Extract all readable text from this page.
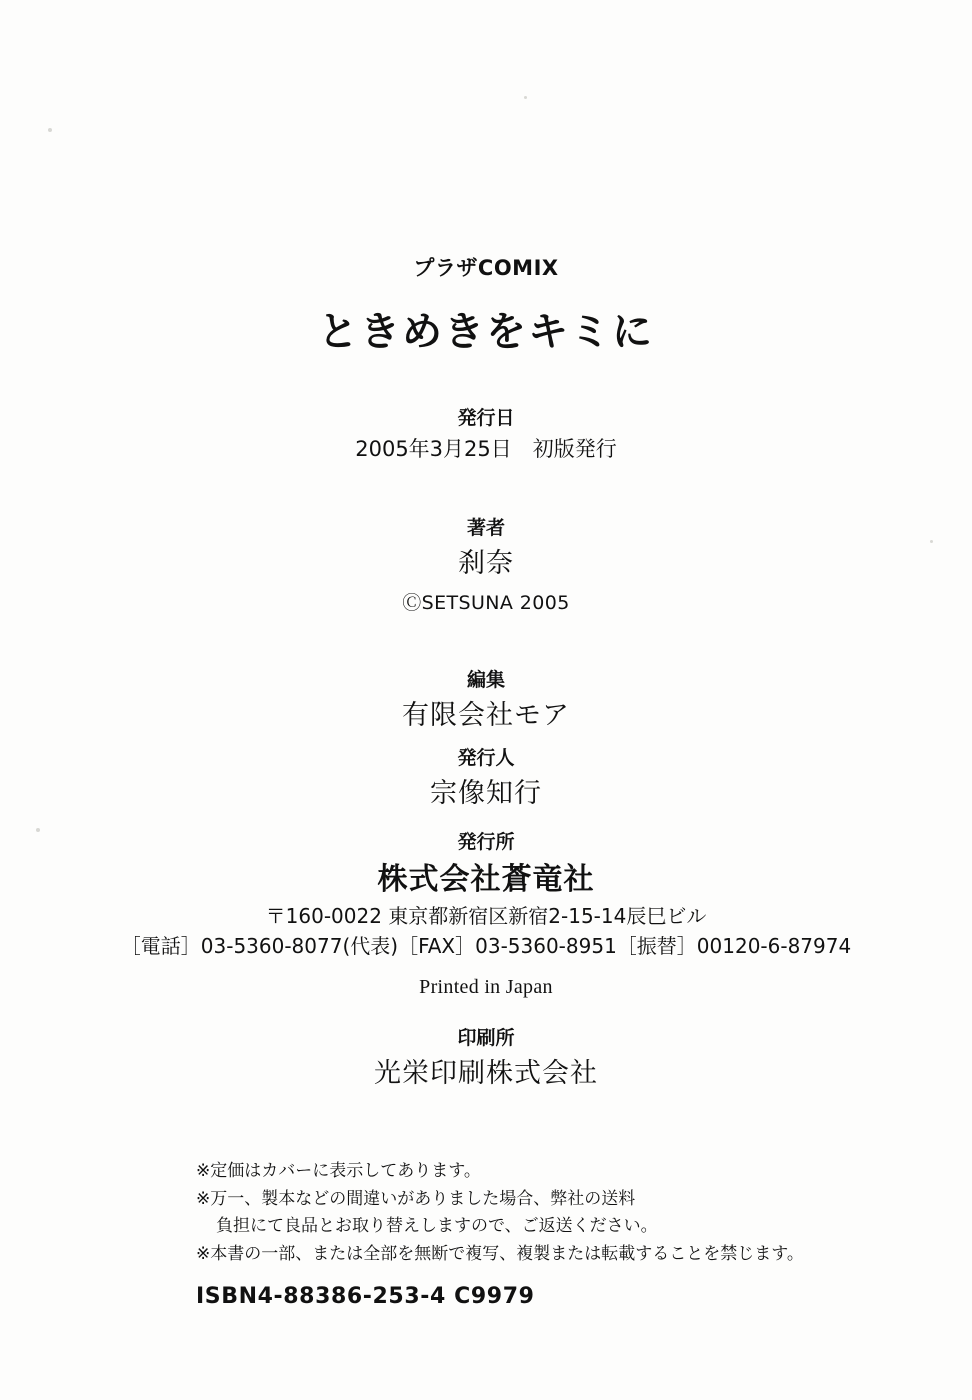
プラザCOMIX
ときめきをキミに
発行日
2005年3月25日　初版発行
著者
刹奈
ⒸSETSUNA 2005
編集
有限会社モア
発行人
宗像知行
発行所
株式会社蒼竜社
〒160-0022 東京都新宿区新宿2-15-14辰巳ビル
［電話］03-5360-8077(代表)［FAX］03-5360-8951［振替］00120-6-87974
Printed in Japan
印刷所
光栄印刷株式会社
※定価はカバーに表示してあります。
※万一、製本などの間違いがありました場合、弊社の送料
負担にて良品とお取り替えしますので、ご返送ください。
※本書の一部、または全部を無断で複写、複製または転載することを禁じます。
ISBN4-88386-253-4 C9979
